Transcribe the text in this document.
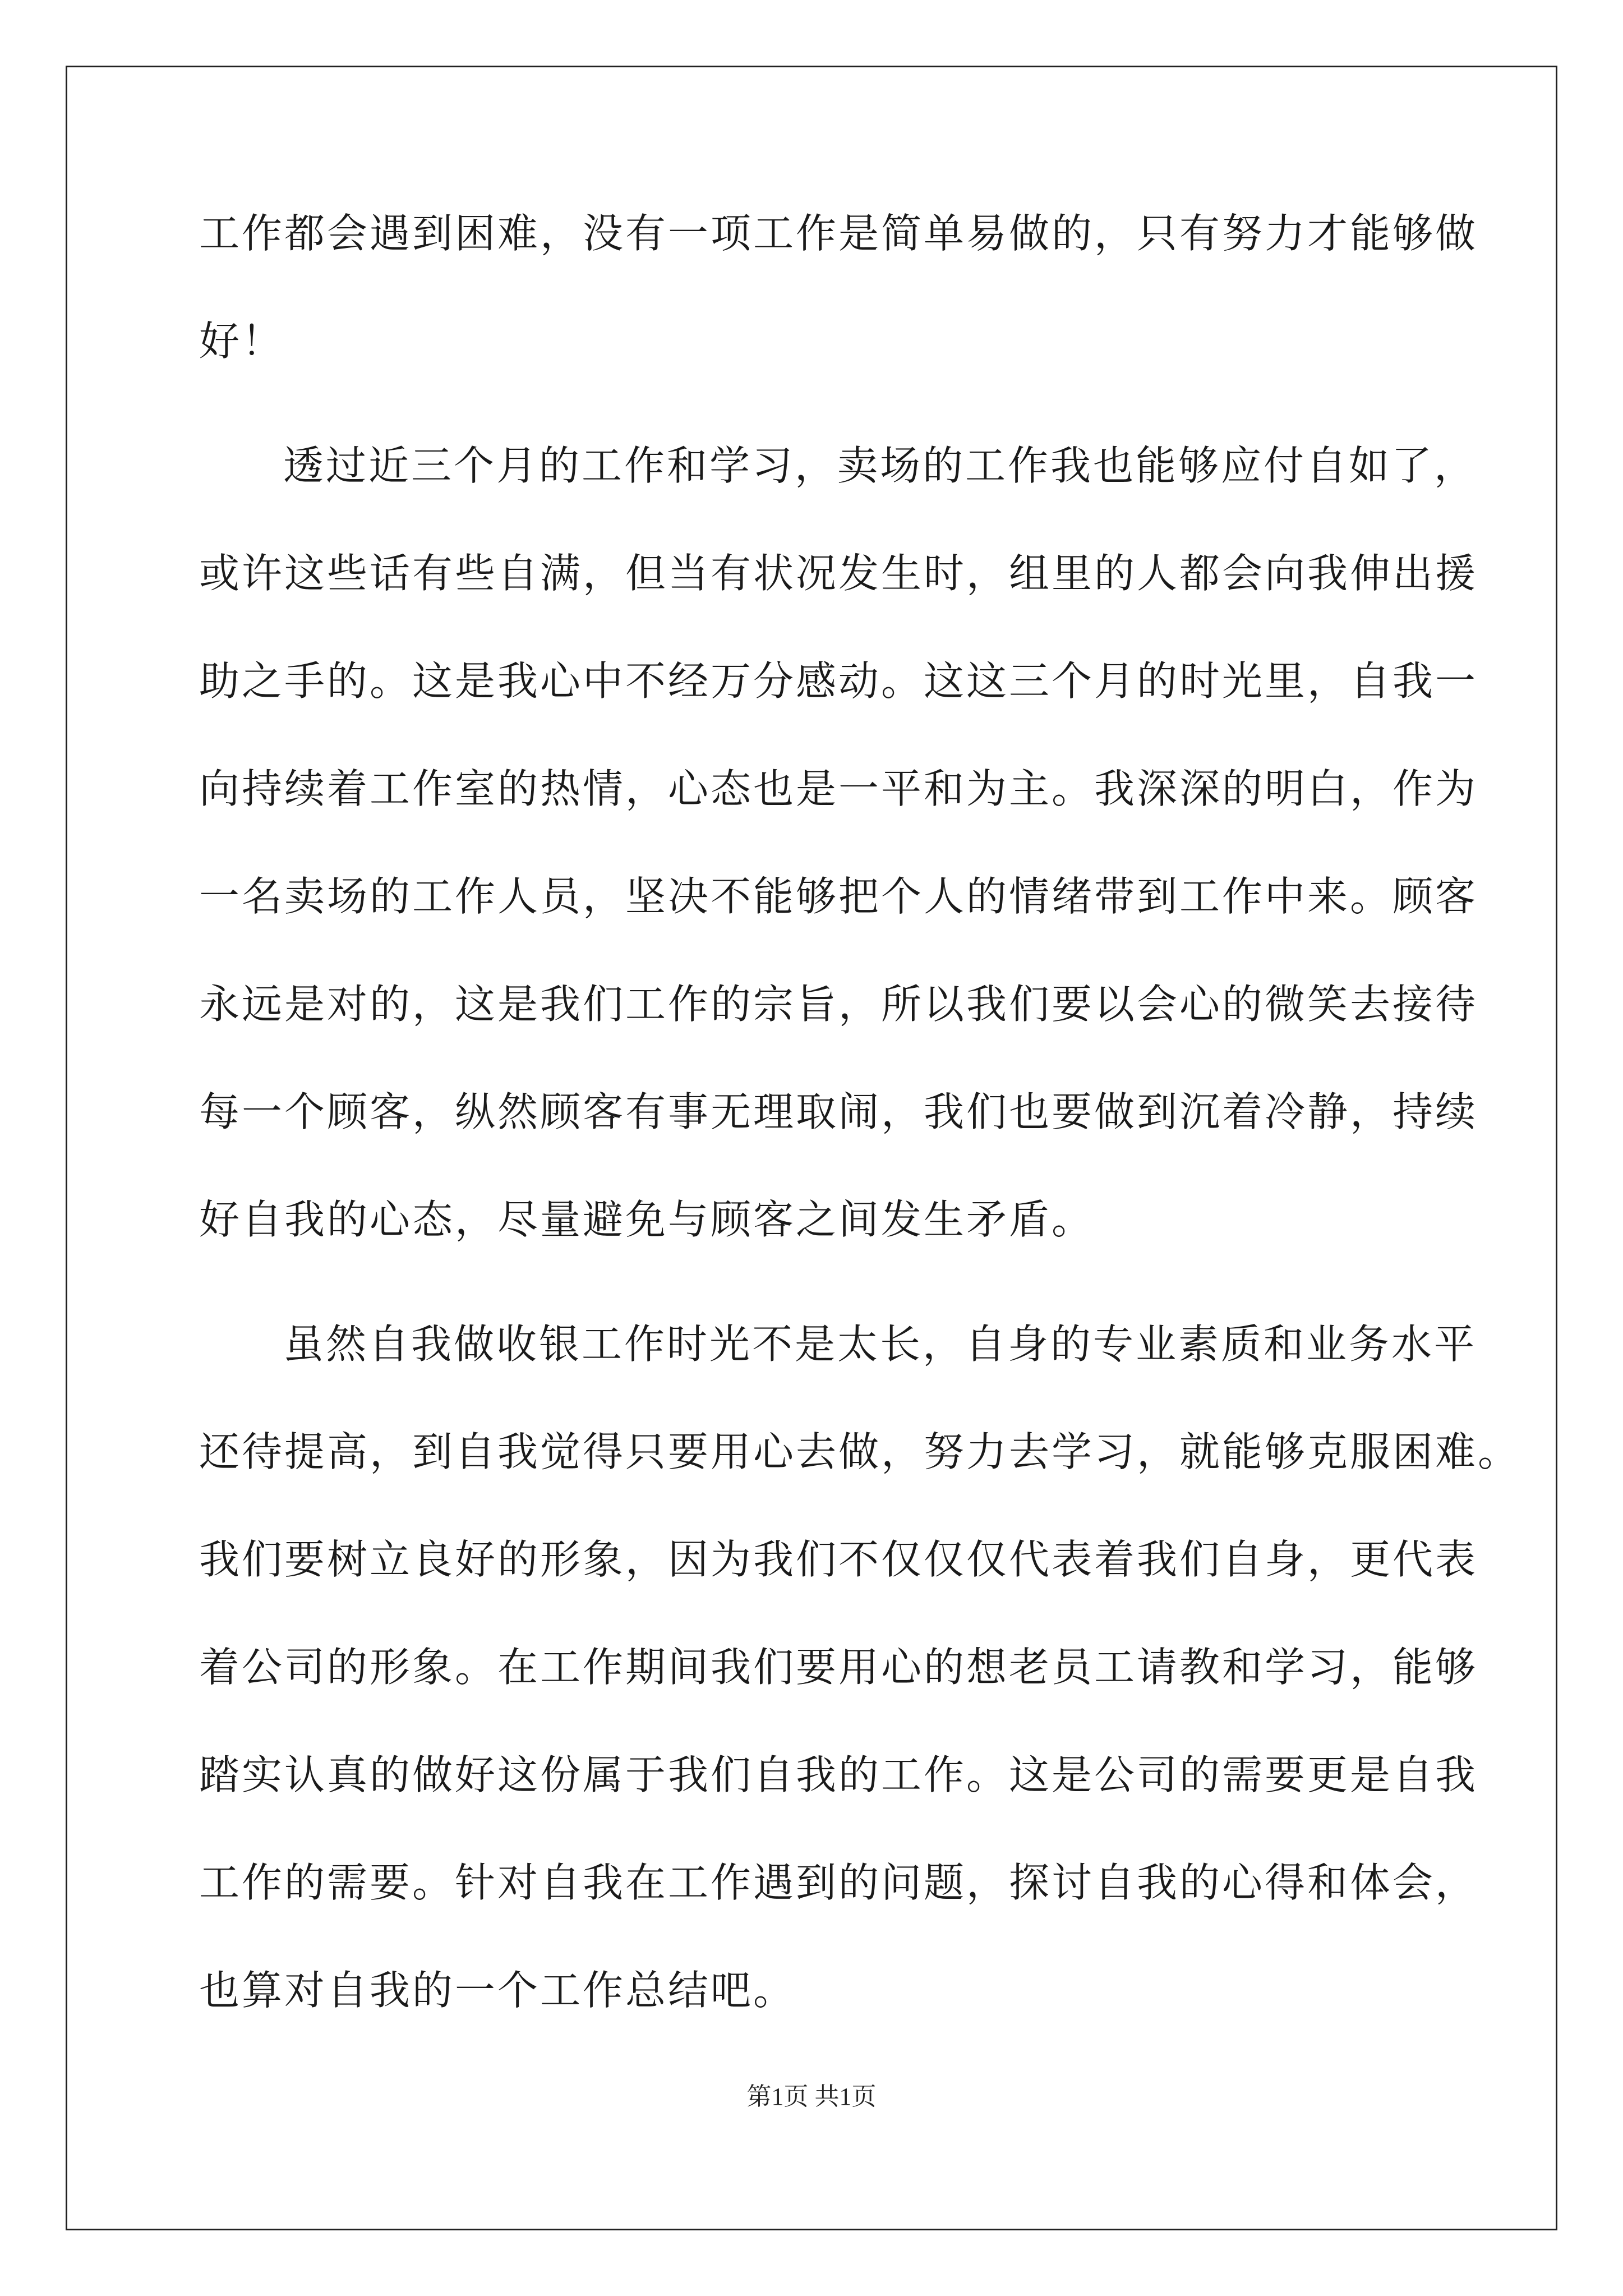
工作都会遇到困难，没有一项工作是简单易做的，只有努力才能够做
好！
透过近三个月的工作和学习，卖场的工作我也能够应付自如了，
或许这些话有些自满，但当有状况发生时，组里的人都会向我伸出援
助之手的。这是我心中不经万分感动。这这三个月的时光里，自我一
向持续着工作室的热情，心态也是一平和为主。我深深的明白，作为
一名卖场的工作人员，坚决不能够把个人的情绪带到工作中来。顾客
永远是对的，这是我们工作的宗旨，所以我们要以会心的微笑去接待
每一个顾客，纵然顾客有事无理取闹，我们也要做到沉着冷静，持续
好自我的心态，尽量避免与顾客之间发生矛盾。
虽然自我做收银工作时光不是太长，自身的专业素质和业务水平
还待提高，到自我觉得只要用心去做，努力去学习，就能够克服困难。
我们要树立良好的形象，因为我们不仅仅仅代表着我们自身，更代表
着公司的形象。在工作期间我们要用心的想老员工请教和学习，能够
踏实认真的做好这份属于我们自我的工作。这是公司的需要更是自我
工作的需要。针对自我在工作遇到的问题，探讨自我的心得和体会，
也算对自我的一个工作总结吧。
第1页 共1页
